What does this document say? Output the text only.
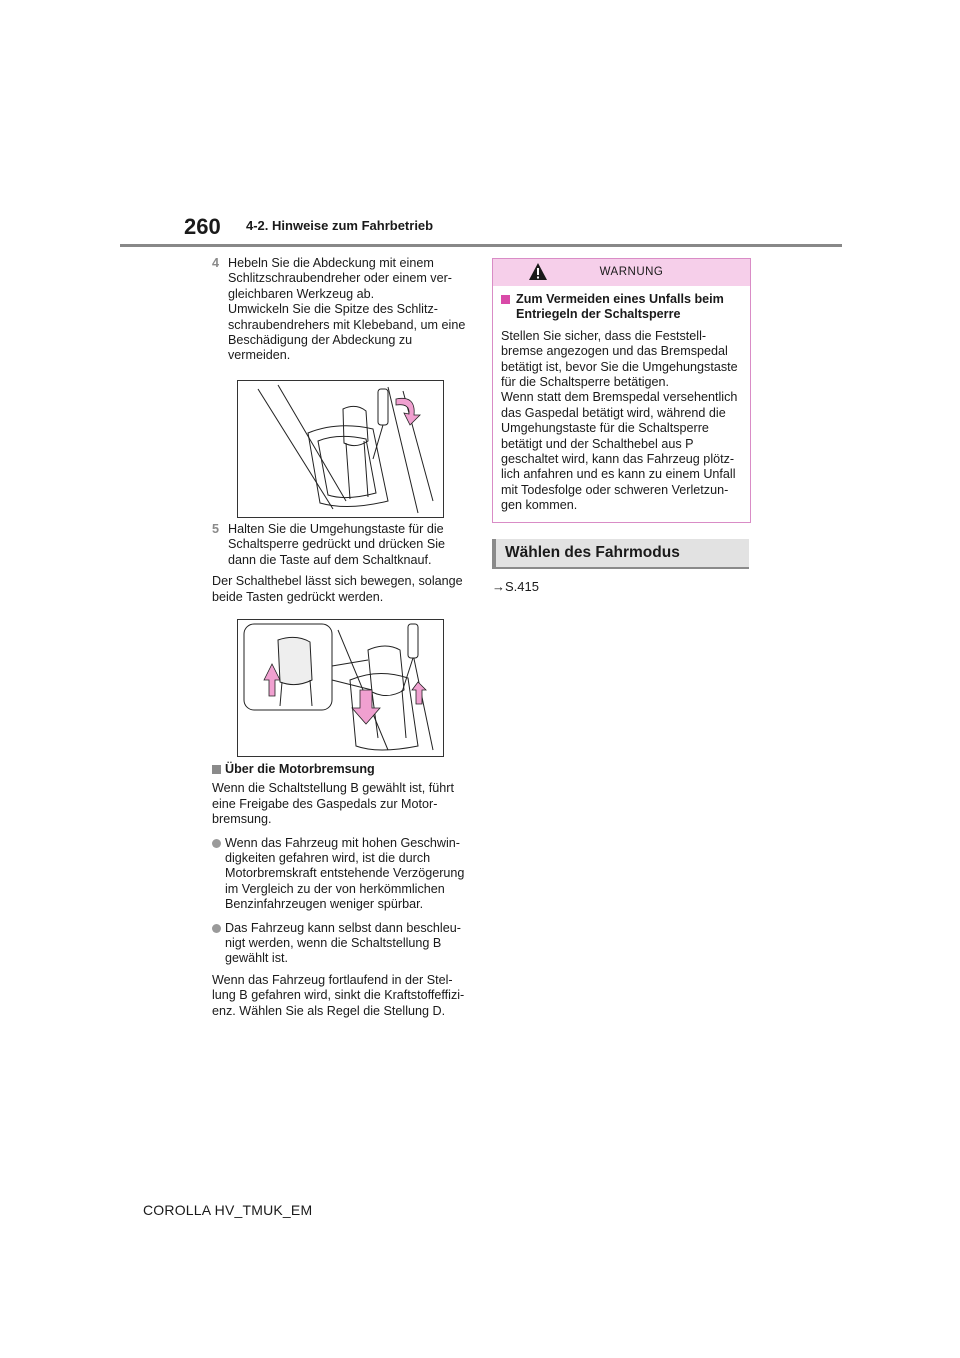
260 4-2. Hinweise zum Fahrbetrieb
4 Hebeln Sie die Abdeckung mit einem Schlitzschraubendreher oder einem ver-gleichbaren Werkzeug ab.

Umwickeln Sie die Spitze des Schlitz-schraubendrehers mit Klebeband, um eine Beschädigung der Abdeckung zu vermeiden.

5 Halten Sie die Umgehungstaste für die Schaltsperre gedrückt und drücken Sie dann die Taste auf dem Schaltknauf.

Der Schalthebel lässt sich bewegen, solange beide Tasten gedrückt werden.

Über die Motorbremsung

Wenn die Schaltstellung B gewählt ist, führt eine Freigabe des Gaspedals zur Motor-bremsung.

Wenn das Fahrzeug mit hohen Geschwin-digkeiten gefahren wird, ist die durch Motorbremskraft entstehende Verzögerung im Vergleich zu der von herkömmlichen Benzinfahrzeugen weniger spürbar.
Das Fahrzeug kann selbst dann beschleu-nigt werden, wenn die Schaltstellung B gewählt ist.

Wenn das Fahrzeug fortlaufend in der Stel-lung B gefahren wird, sinkt die Kraftstoffeffizi-enz. Wählen Sie als Regel die Stellung D.

WARNUNG
Zum Vermeiden eines Unfalls beim Entriegeln der Schaltsperre

Stellen Sie sicher, dass die Feststell-bremse angezogen und das Bremspedal betätigt ist, bevor Sie die Umgehungstaste für die Schaltsperre betätigen.

Wenn statt dem Bremspedal versehentlich das Gaspedal betätigt wird, während die Umgehungstaste für die Schaltsperre betätigt und der Schalthebel aus P geschaltet wird, kann das Fahrzeug plötz-lich anfahren und es kann zu einem Unfall mit Todesfolge oder schweren Verletzun-gen kommen.

Wählen des Fahrmodus
→S.415
COROLLA HV_TMUK_EM
